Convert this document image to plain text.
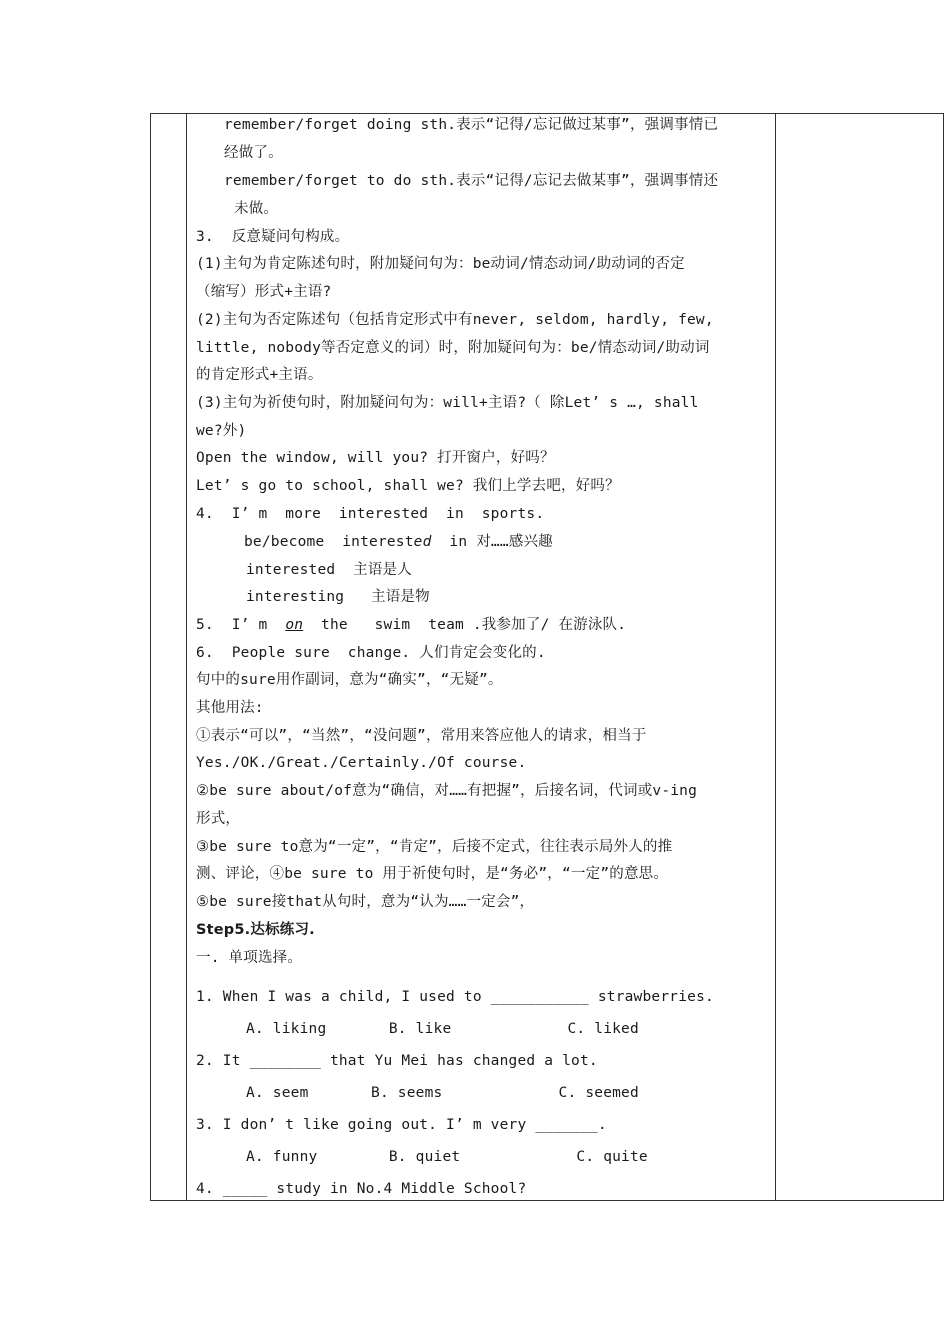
remember/forget doing sth.表示“记得/忘记做过某事”，强调事情已
经做了。
remember/forget to do sth.表示“记得/忘记去做某事”，强调事情还
未做。
3.  反意疑问句构成。
(1)主句为肯定陈述句时，附加疑问句为：be动词/情态动词/助动词的否定
（缩写）形式+主语?
(2)主句为否定陈述句（包括肯定形式中有never, seldom, hardly, few,
little, nobody等否定意义的词）时，附加疑问句为：be/情态动词/助动词
的肯定形式+主语。
(3)主句为祈使句时，附加疑问句为：will+主语?（ 除Let’ s …, shall
we?外)
Open the window, will you? 打开窗户，好吗？
Let’ s go to school, shall we? 我们上学去吧，好吗？
4.  I’ m  more  interested  in  sports.
be/become  interested  in 对……感兴趣
interested  主语是人
interesting   主语是物
5.  I’ m  on  the   swim  team .我参加了/ 在游泳队.
6.  People sure  change. 人们肯定会变化的.
句中的sure用作副词，意为“确实”，“无疑”。
其他用法:
①表示“可以”，“当然”，“没问题”，常用来答应他人的请求，相当于
Yes./OK./Great./Certainly./Of course.
②be sure about/of意为“确信，对……有把握”，后接名词，代词或v-ing
形式，
③be sure to意为“一定”，“肯定”，后接不定式，往往表示局外人的推
测、评论，④be sure to 用于祈使句时，是“务必”，“一定”的意思。
⑤be sure接that从句时，意为“认为……一定会”，
Step5.达标练习.
一. 单项选择。
1. When I was a child, I used to ___________ strawberries.
A. liking       B. like             C. liked
2. It ________ that Yu Mei has changed a lot.
A. seem       B. seems             C. seemed
3. I don’ t like going out. I’ m very _______.
A. funny        B. quiet             C. quite
4. _____ study in No.4 Middle School?
